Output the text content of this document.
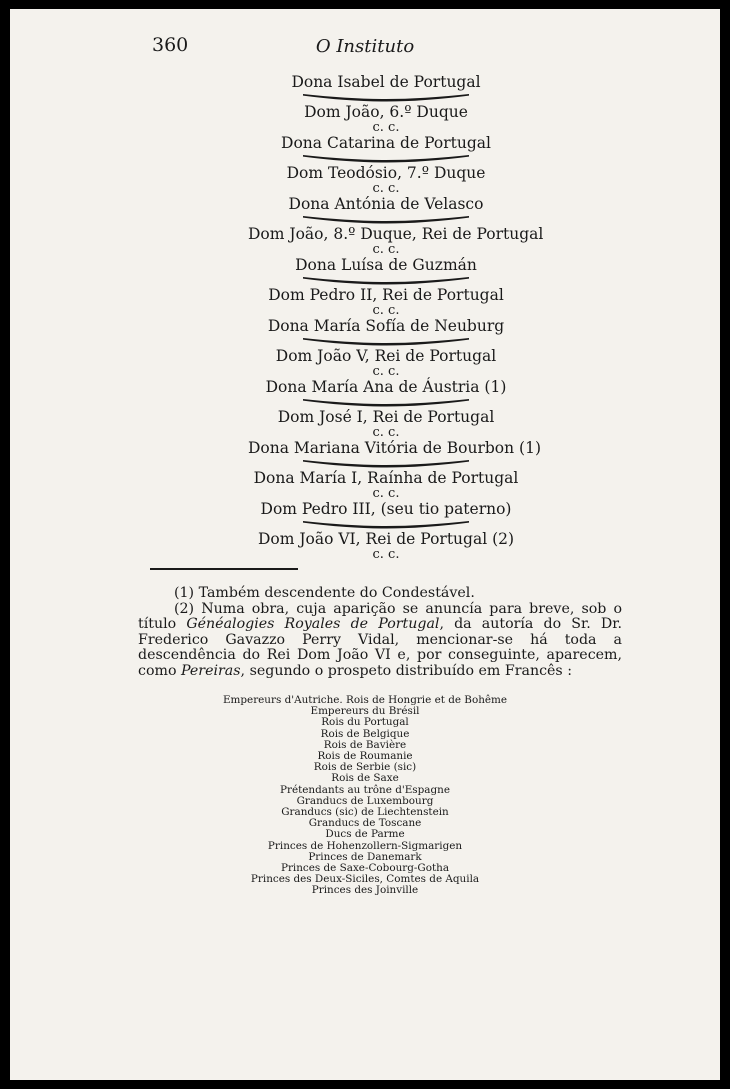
360	O Instituto
Dona Isabel de Portugal
Dom João, 6.º Duque
c. c.
Dona Catarina de Portugal
Dom Teodósio, 7.º Duque
c. c.
Dona Antónia de Velasco
Dom João, 8.º Duque, Rei de Portugal
c. c.
Dona Luísa de Guzmán
Dom Pedro II, Rei de Portugal
c. c.
Dona María Sofía de Neuburg
Dom João V, Rei de Portugal
c. c.
Dona María Ana de Áustria (1)
Dom José I, Rei de Portugal
c. c.
Dona Mariana Vitória de Bourbon (1)
Dona María I, Raínha de Portugal
c. c.
Dom Pedro III, (seu tio paterno)
Dom João VI, Rei de Portugal (2)
c. c.

(1) Também descendente do Condestável.

(2) Numa obra, cuja aparição se anuncía para breve, sob o título Généalogies Royales de Portugal, da autoría do Sr. Dr. Frederico Gavazzo Perry Vidal, mencionar-se há toda a descendência do Rei Dom João VI e, por conseguinte, aparecem, como Pereiras, segundo o prospeto distribuído em Francês :

Empereurs d'Autriche. Rois de Hongrie et de Bohême
Empereurs du Brésil
Rois du Portugal
Rois de Belgique
Rois de Bavière
Rois de Roumanie
Rois de Serbie (sic)
Rois de Saxe
Prétendants au trône d'Espagne
Granducs de Luxembourg
Granducs (sic) de Liechtenstein
Granducs de Toscane
Ducs de Parme
Princes de Hohenzollern-Sigmarigen
Princes de Danemark
Princes de Saxe-Cobourg-Gotha
Princes des Deux-Siciles, Comtes de Aquila
Princes des Joinville
